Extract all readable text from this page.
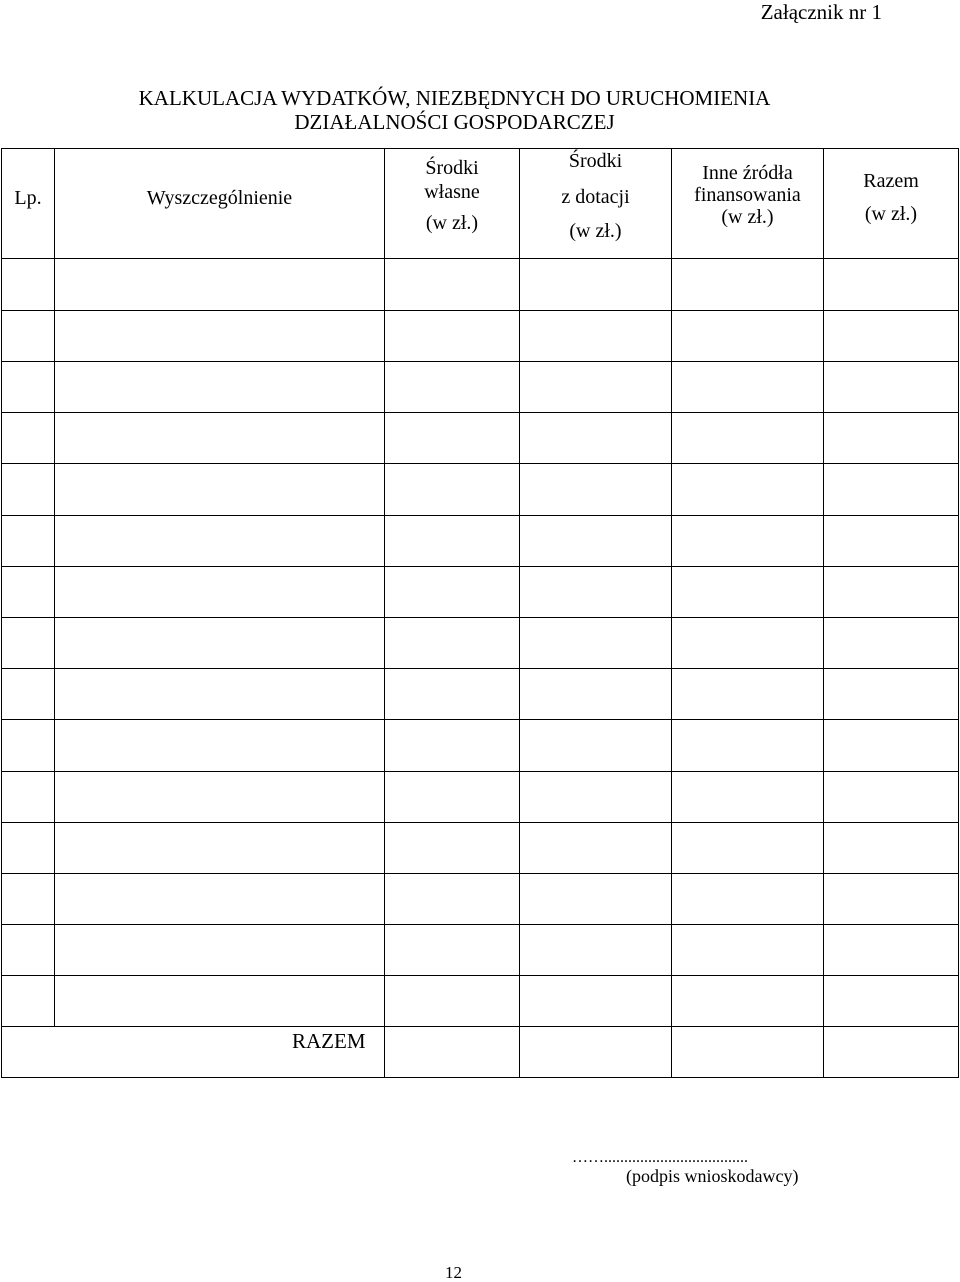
Załącznik nr 1
KALKULACJA WYDATKÓW, NIEZBĘDNYCH DO URUCHOMIENIA
DZIAŁALNOŚCI GOSPODARCZEJ
Lp.	Wyszczególnienie
Środki
własne
(w zł.)
Środki
z dotacji
(w zł.)
Inne źródła
finansowania
(w zł.)
Razem
(w zł.)
RAZEM
……....................................
(podpis wnioskodawcy)
12
